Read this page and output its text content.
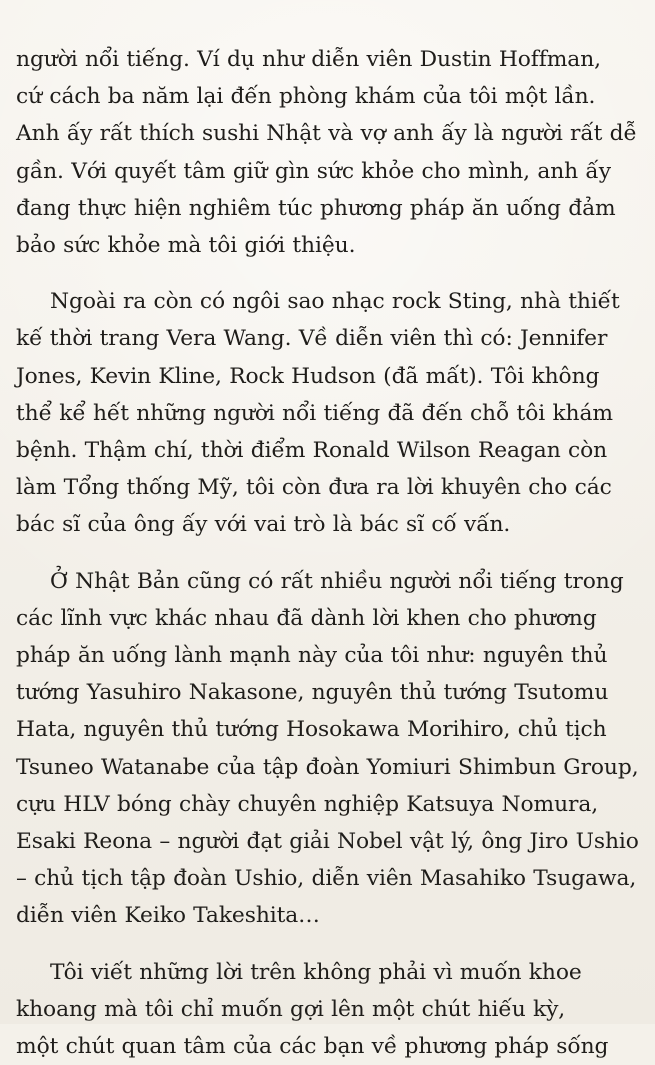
người nổi tiếng. Ví dụ như diễn viên Dustin Hoffman,
cứ cách ba năm lại đến phòng khám của tôi một lần.
Anh ấy rất thích sushi Nhật và vợ anh ấy là người rất dễ
gần. Với quyết tâm giữ gìn sức khỏe cho mình, anh ấy
đang thực hiện nghiêm túc phương pháp ăn uống đảm
bảo sức khỏe mà tôi giới thiệu.

Ngoài ra còn có ngôi sao nhạc rock Sting, nhà thiết
kế thời trang Vera Wang. Về diễn viên thì có: Jennifer
Jones, Kevin Kline, Rock Hudson (đã mất). Tôi không
thể kể hết những người nổi tiếng đã đến chỗ tôi khám
bệnh. Thậm chí, thời điểm Ronald Wilson Reagan còn
làm Tổng thống Mỹ, tôi còn đưa ra lời khuyên cho các
bác sĩ của ông ấy với vai trò là bác sĩ cố vấn.

Ở Nhật Bản cũng có rất nhiều người nổi tiếng trong
các lĩnh vực khác nhau đã dành lời khen cho phương
pháp ăn uống lành mạnh này của tôi như: nguyên thủ
tướng Yasuhiro Nakasone, nguyên thủ tướng Tsutomu
Hata, nguyên thủ tướng Hosokawa Morihiro, chủ tịch
Tsuneo Watanabe của tập đoàn Yomiuri Shimbun Group,
cựu HLV bóng chày chuyên nghiệp Katsuya Nomura,
Esaki Reona – người đạt giải Nobel vật lý, ông Jiro Ushio
– chủ tịch tập đoàn Ushio, diễn viên Masahiko Tsugawa,
diễn viên Keiko Takeshita…

Tôi viết những lời trên không phải vì muốn khoe
khoang mà tôi chỉ muốn gợi lên một chút hiếu kỳ,
một chút quan tâm của các bạn về phương pháp sống
